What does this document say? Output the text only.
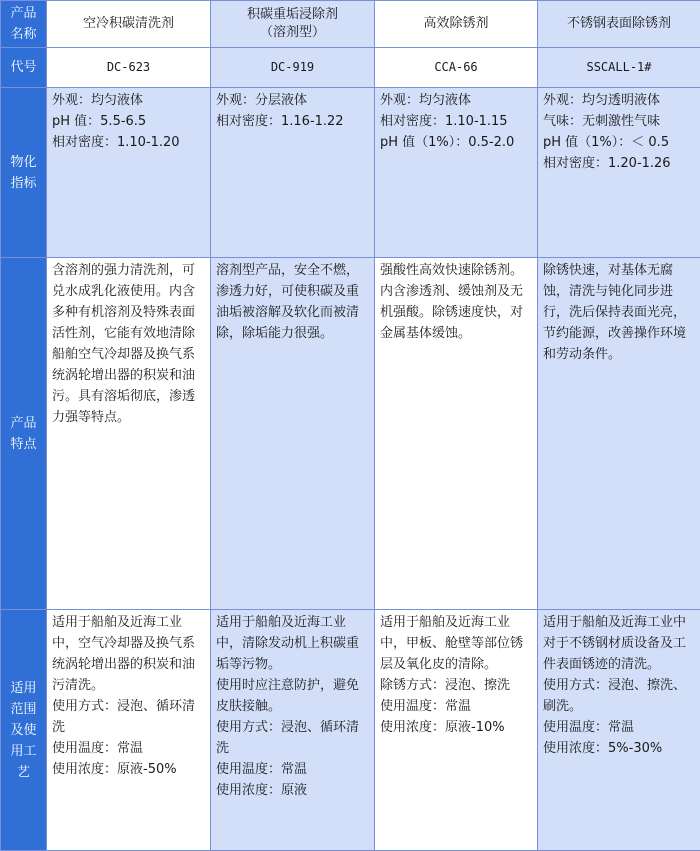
产品
名称	空冷积碳清洗剂	积碳重垢浸除剂
（溶剂型）	高效除锈剂	不锈钢表面除锈剂
代号	DC-623	DC-919	CCA-66	SSCALL-1#

物化
指标	外观：均匀液体
pH 值：5.5-6.5
相对密度：1.10-1.20	外观：分层液体
相对密度：1.16-1.22	外观：均匀液体
相对密度：1.10-1.15
pH 值（1%）：0.5-2.0	外观：均匀透明液体
气味：无刺激性气味
pH 值（1%）：＜ 0.5
相对密度：1.20-1.26

产品
特点	含溶剂的强力清洗剂，可兑水成乳化液使用。内含多种有机溶剂及特殊表面活性剂，它能有效地清除船舶空气冷却器及换气系统涡轮增出器的积炭和油污。具有溶垢彻底，渗透力强等特点。	溶剂型产品，安全不燃，渗透力好，可使积碳及重油垢被溶解及软化而被清除，除垢能力很强。	强酸性高效快速除锈剂。内含渗透剂、缓蚀剂及无机强酸。除锈速度快，对金属基体缓蚀。	除锈快速，对基体无腐蚀，清洗与钝化同步进行，洗后保持表面光亮，节约能源，改善操作环境和劳动条件。

适用
范围
及使
用工
艺	适用于船舶及近海工业中，空气冷却器及换气系统涡轮增出器的积炭和油污清洗。
使用方式：浸泡、循环清洗
使用温度：常温
使用浓度：原液-50%	适用于船舶及近海工业中，清除发动机上积碳重垢等污物。
使用时应注意防护，避免皮肤接触。
使用方式：浸泡、循环清洗
使用温度：常温
使用浓度：原液	适用于船舶及近海工业中，甲板、舱壁等部位锈层及氧化皮的清除。
除锈方式：浸泡、擦洗
使用温度：常温
使用浓度：原液-10%	适用于船舶及近海工业中对于不锈钢材质设备及工件表面锈迹的清洗。
使用方式：浸泡、擦洗、刷洗。
使用温度：常温
使用浓度：5%-30%
